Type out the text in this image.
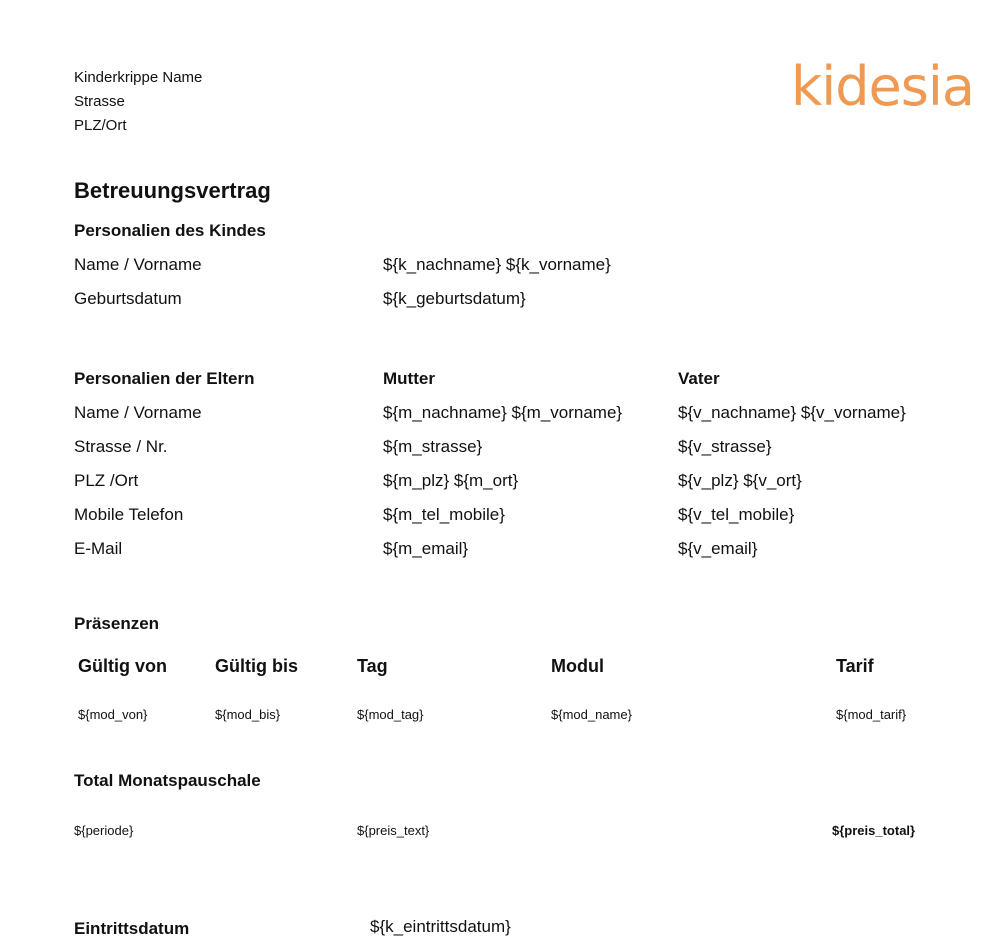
Kinderkrippe Name
Strasse
PLZ/Ort
kidesia
Betreuungsvertrag
Personalien des Kindes
Name / Vorname	${k_nachname} ${k_vorname}
Geburtsdatum	${k_geburtsdatum}
Personalien der Eltern	Mutter	Vater
Name / Vorname	${m_nachname} ${m_vorname}	${v_nachname} ${v_vorname}
Strasse / Nr.	${m_strasse}	${v_strasse}
PLZ /Ort	${m_plz} ${m_ort}	${v_plz} ${v_ort}
Mobile Telefon	${m_tel_mobile}	${v_tel_mobile}
E-Mail	${m_email}	${v_email}
Präsenzen
Gültig von	Gültig bis	Tag	Modul	Tarif
${mod_von}	${mod_bis}	${mod_tag}	${mod_name}	${mod_tarif}
Total Monatspauschale
${periode}	${preis_text}	${preis_total}
Eintrittsdatum	${k_eintrittsdatum}
